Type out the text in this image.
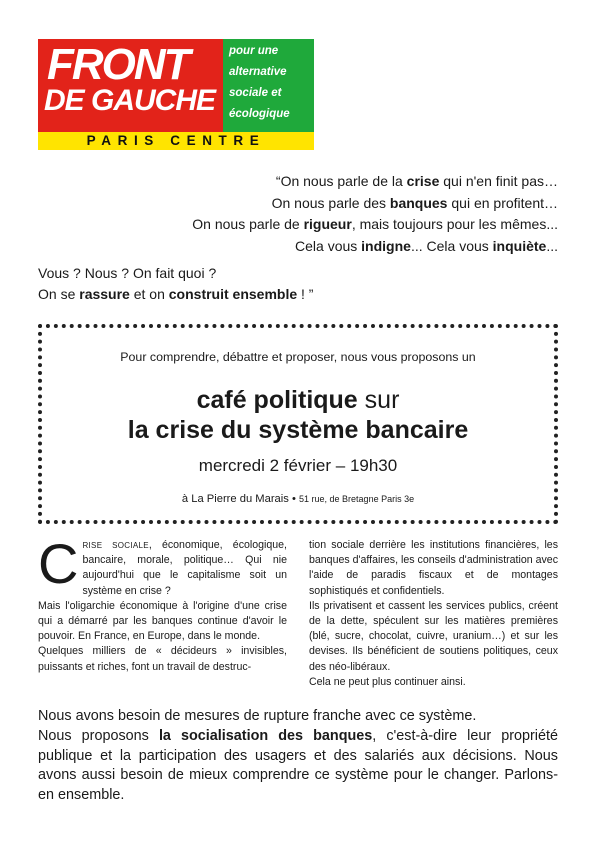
FRONT
DE GAUCHE
pour une
alternative
sociale et
écologique
PARIS CENTRE
“On nous parle de la crise qui n'en finit pas…
On nous parle des banques qui en profitent…
On nous parle de rigueur, mais toujours pour les mêmes...
Cela vous indigne... Cela vous inquiète...
Vous ? Nous ? On fait quoi ?
On se rassure et on construit ensemble ! ”
Pour comprendre, débattre et proposer, nous vous proposons un
café politique sur
la crise du système bancaire
mercredi 2 février – 19h30
à La Pierre du Marais • 51 rue, de Bretagne Paris 3e

CRISE SOCIALE, économique, écologique, bancaire, morale, politique… Qui nie aujourd'hui que le capitalisme soit un système en crise ?

Mais l'oligarchie économique à l'origine d'une crise qui a démarré par les banques continue d'avoir le pouvoir. En France, en Europe, dans le monde.

Quelques milliers de « décideurs » invisibles, puissants et riches, font un travail de destruc-

tion sociale derrière les institutions financières, les banques d'affaires, les conseils d'administration avec l'aide de paradis fiscaux et de montages sophistiqués et confidentiels.

Ils privatisent et cassent les services publics, créent de la dette, spéculent sur les matières premières (blé, sucre, chocolat, cuivre, uranium…) et sur les devises. Ils bénéficient de soutiens politiques, ceux des néo-libéraux.

Cela ne peut plus continuer ainsi.

Nous avons besoin de mesures de rupture franche avec ce système.
Nous proposons la socialisation des banques, c'est-à-dire leur propriété publique et la participation des usagers et des salariés aux décisions. Nous avons aussi besoin de mieux comprendre ce système pour le changer. Parlons-en ensemble.
